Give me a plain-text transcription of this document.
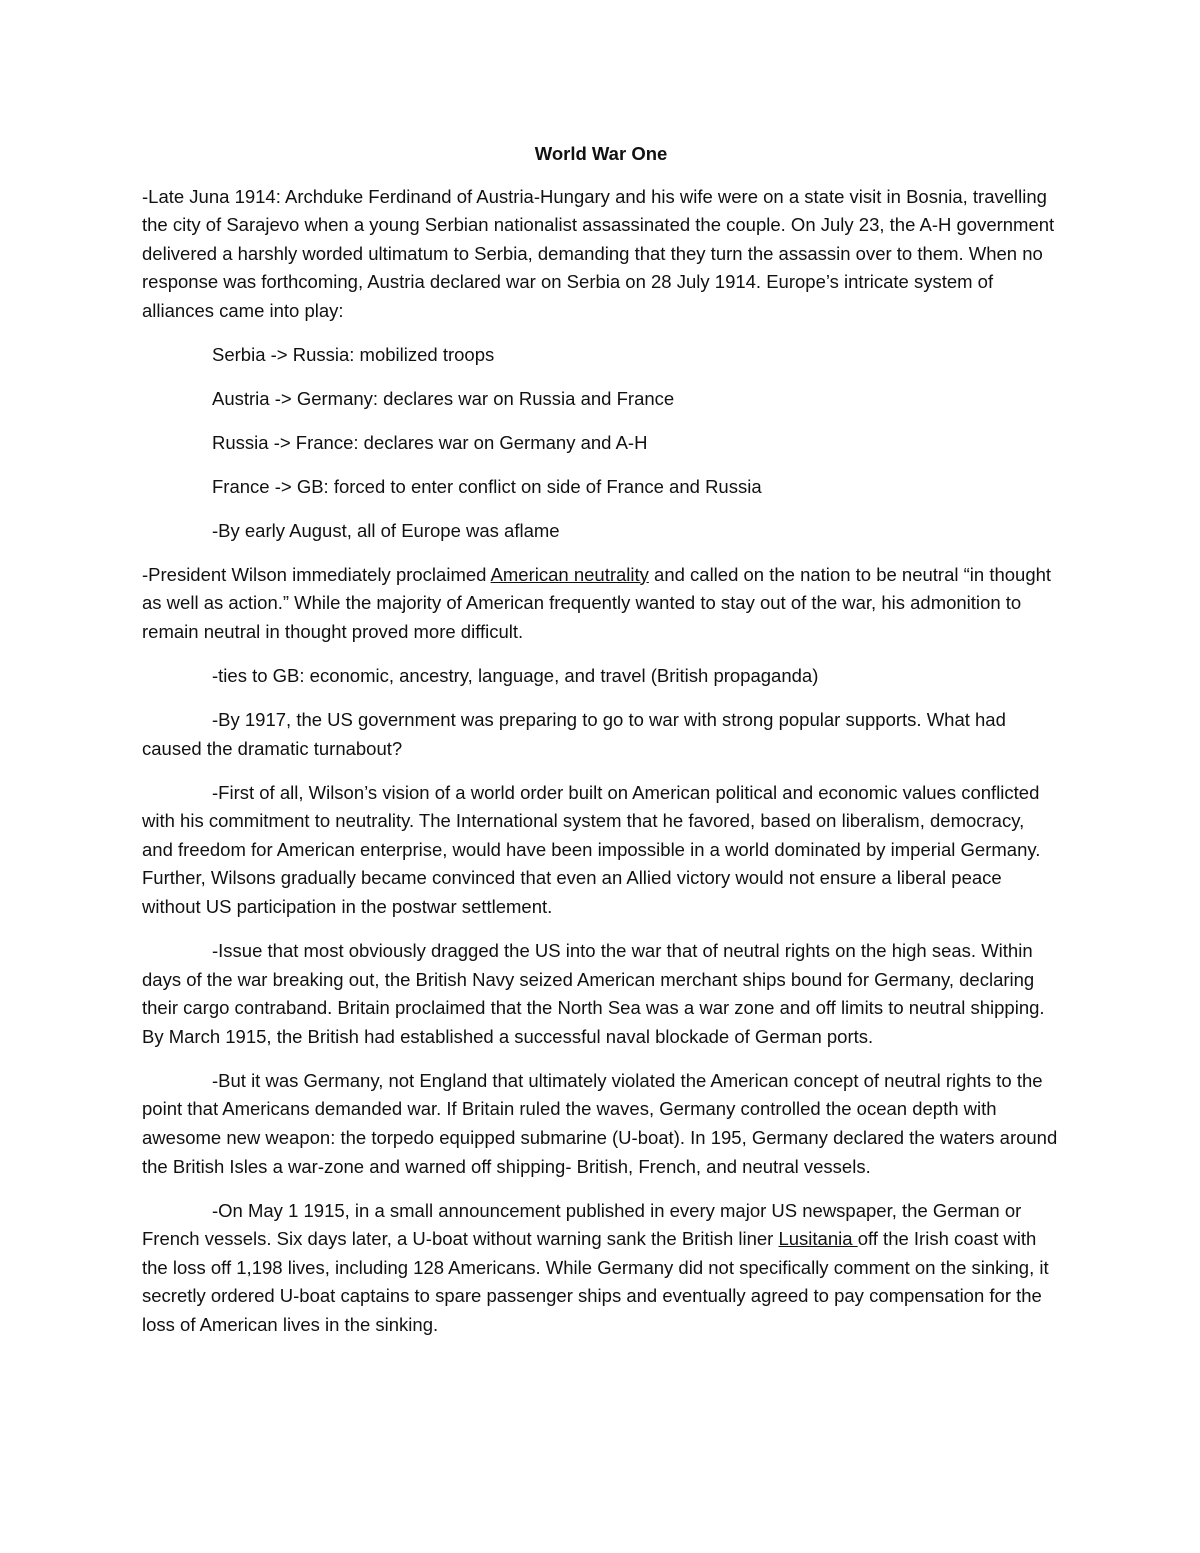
World War One

-Late Juna 1914: Archduke Ferdinand of Austria-Hungary and his wife were on a state visit in Bosnia, travelling the city of Sarajevo when a young Serbian nationalist assassinated the couple. On July 23, the A-H government delivered a harshly worded ultimatum to Serbia, demanding that they turn the assassin over to them. When no response was forthcoming, Austria declared war on Serbia on 28 July 1914. Europe’s intricate system of alliances came into play:

Serbia -> Russia: mobilized troops

Austria -> Germany: declares war on Russia and France

Russia -> France: declares war on Germany and A-H

France -> GB: forced to enter conflict on side of France and Russia

-By early August, all of Europe was aflame

-President Wilson immediately proclaimed American neutrality and called on the nation to be neutral “in thought as well as action.” While the majority of American frequently wanted to stay out of the war, his admonition to remain neutral in thought proved more difficult.

-ties to GB: economic, ancestry, language, and travel (British propaganda)

-By 1917, the US government was preparing to go to war with strong popular supports. What had caused the dramatic turnabout?

-First of all, Wilson’s vision of a world order built on American political and economic values conflicted with his commitment to neutrality. The International system that he favored, based on liberalism, democracy, and freedom for American enterprise, would have been impossible in a world dominated by imperial Germany. Further, Wilsons gradually became convinced that even an Allied victory would not ensure a liberal peace without US participation in the postwar settlement.

-Issue that most obviously dragged the US into the war that of neutral rights on the high seas. Within days of the war breaking out, the British Navy seized American merchant ships bound for Germany, declaring their cargo contraband. Britain proclaimed that the North Sea was a war zone and off limits to neutral shipping. By March 1915, the British had established a successful naval blockade of German ports.

-But it was Germany, not England that ultimately violated the American concept of neutral rights to the point that Americans demanded war. If Britain ruled the waves, Germany controlled the ocean depth with awesome new weapon: the torpedo equipped submarine (U-boat). In 195, Germany declared the waters around the British Isles a war-zone and warned off shipping- British, French, and neutral vessels.

-On May 1 1915, in a small announcement published in every major US newspaper, the German or French vessels. Six days later, a U-boat without warning sank the British liner Lusitania off the Irish coast with the loss off 1,198 lives, including 128 Americans. While Germany did not specifically comment on the sinking, it secretly ordered U-boat captains to spare passenger ships and eventually agreed to pay compensation for the loss of American lives in the sinking.
